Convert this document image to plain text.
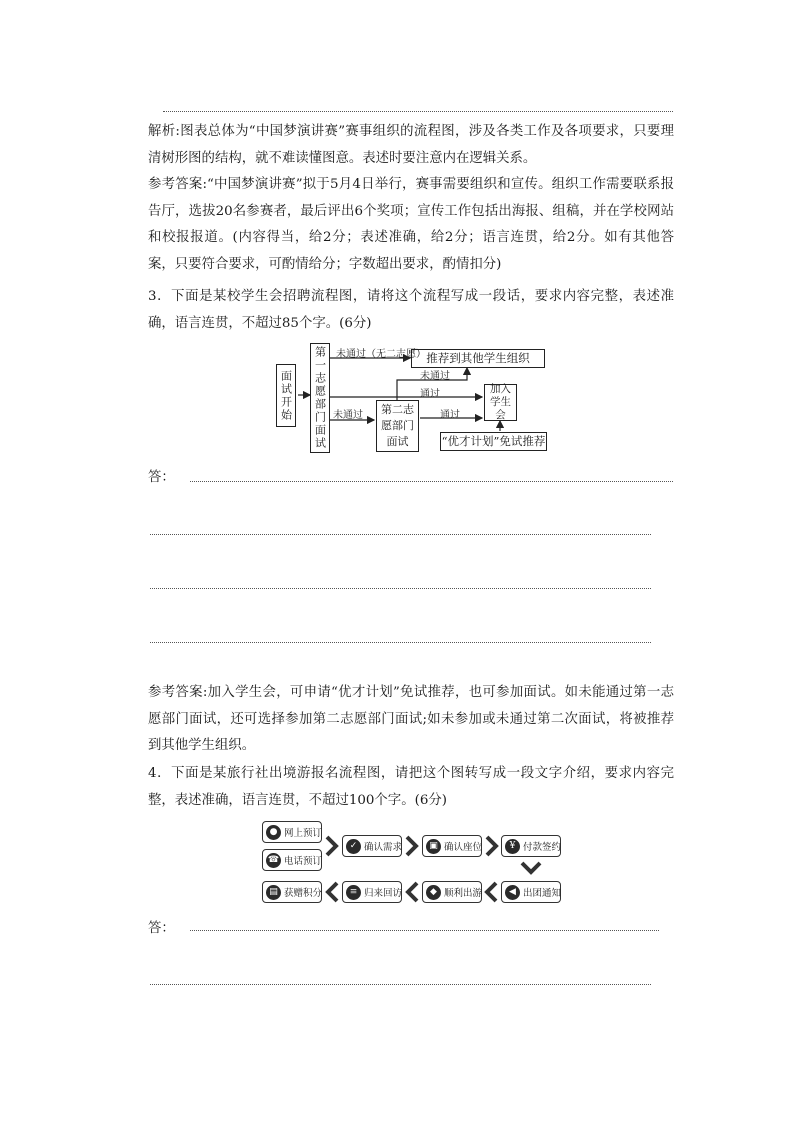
解析:图表总体为“中国梦演讲赛”赛事组织的流程图，涉及各类工作及各项要求，只要理清树形图的结构，就不难读懂图意。表述时要注意内在逻辑关系。

参考答案:“中国梦演讲赛”拟于5月4日举行，赛事需要组织和宣传。组织工作需要联系报告厅，选拔20名参赛者，最后评出6个奖项；宣传工作包括出海报、组稿，并在学校网站和校报报道。(内容得当，给2分；表述准确，给2分；语言连贯，给2分。如有其他答案，只要符合要求，可酌情给分；字数超出要求，酌情扣分)

3．下面是某校学生会招聘流程图，请将这个流程写成一段话，要求内容完整，表述准确，语言连贯，不超过85个字。(6分)

面试开始	第一志愿部门面试	推荐到其他学生组织
第二志愿部门面试
加入学生会
“优才计划”免试推荐
未通过（无二志愿）
未通过
通过
未通过	通过
答：

参考答案:加入学生会，可申请“优才计划”免试推荐，也可参加面试。如未能通过第一志愿部门面试，还可选择参加第二志愿部门面试;如未参加或未通过第二次面试，将被推荐到其他学生组织。

4．下面是某旅行社出境游报名流程图，请把这个图转写成一段文字介绍，要求内容完整，表述准确，语言连贯，不超过100个字。(6分)

● 网上预订
☎ 电话预订
✓ 确认需求	▣ 确认座位	¥ 付款签约
◀ 出团通知
◆ 顺利出游
≡ 归来回访
▤ 获赠积分
答：
